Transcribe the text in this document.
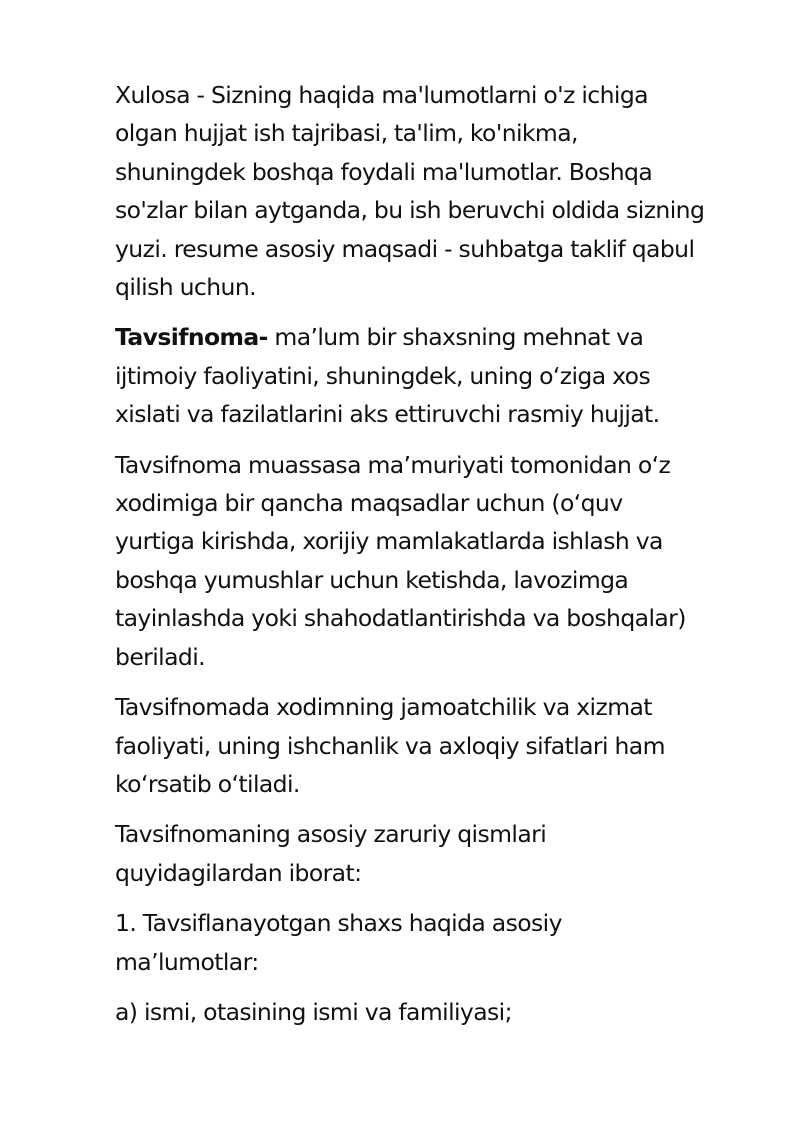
Xulosa - Sizning haqida ma'lumotlarni o'z ichiga
olgan hujjat ish tajribasi, ta'lim, ko'nikma,
shuningdek boshqa foydali ma'lumotlar. Boshqa
so'zlar bilan aytganda, bu ish beruvchi oldida sizning
yuzi. resume asosiy maqsadi - suhbatga taklif qabul
qilish uchun.

Tavsifnoma- ma’lum bir shaxsning mehnat va
ijtimoiy faoliyatini, shuningdek, uning o‘ziga xos
xislati va fazilatlarini aks ettiruvchi rasmiy hujjat.

Tavsifnoma muassasa ma’muriyati tomonidan o‘z
xodimiga bir qancha maqsadlar uchun (o‘quv
yurtiga kirishda, xorijiy mamlakatlarda ishlash va
boshqa yumushlar uchun ketishda, lavozimga
tayinlashda yoki shahodatlantirishda va boshqalar)
beriladi.

Tavsifnomada xodimning jamoatchilik va xizmat
faoliyati, uning ishchanlik va axloqiy sifatlari ham
ko‘rsatib o‘tiladi.

Tavsifnomaning asosiy zaruriy qismlari
quyidagilardan iborat:

1. Tavsiflanayotgan shaxs haqida asosiy
ma’lumotlar:

a) ismi, otasining ismi va familiyasi;
